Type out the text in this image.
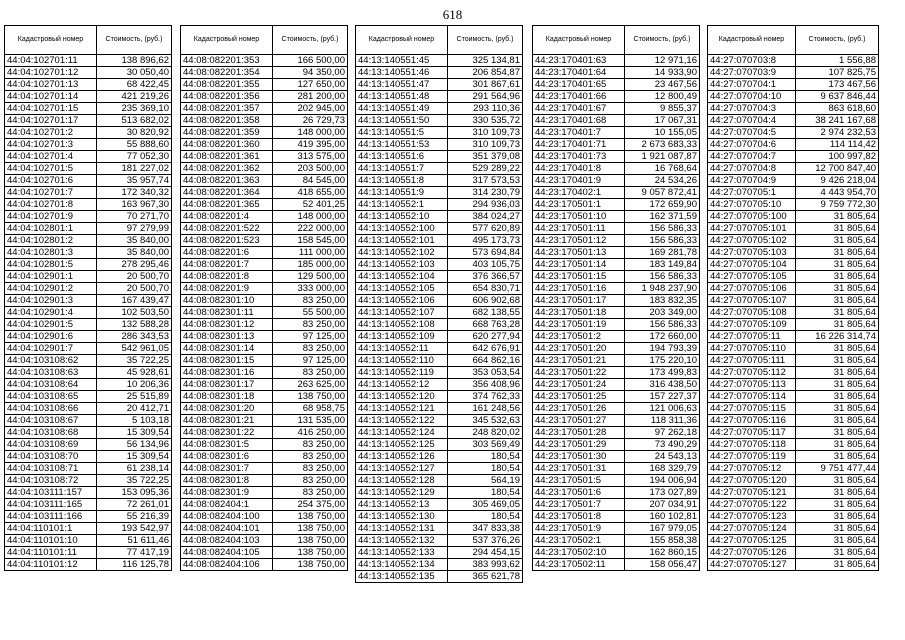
618
Кадастровый номер	Стоимость, (руб.)
44:04:102701:11	138 896,62
44:04:102701:12	30 050,40
44:04:102701:13	68 422,45
44:04:102701:14	421 219,26
44:04:102701:15	235 369,10
44:04:102701:17	513 682,02
44:04:102701:2	30 820,92
44:04:102701:3	55 888,60
44:04:102701:4	77 052,30
44:04:102701:5	181 227,02
44:04:102701:6	35 957,74
44:04:102701:7	172 340,32
44:04:102701:8	163 967,30
44:04:102701:9	70 271,70
44:04:102801:1	97 279,99
44:04:102801:2	35 840,00
44:04:102801:3	35 840,00
44:04:102801:5	278 295,46
44:04:102901:1	20 500,70
44:04:102901:2	20 500,70
44:04:102901:3	167 439,47
44:04:102901:4	102 503,50
44:04:102901:5	132 588,28
44:04:102901:6	286 343,53
44:04:102901:7	542 961,05
44:04:103108:62	35 722,25
44:04:103108:63	45 928,61
44:04:103108:64	10 206,36
44:04:103108:65	25 515,89
44:04:103108:66	20 412,71
44:04:103108:67	5 103,18
44:04:103108:68	15 309,54
44:04:103108:69	56 134,96
44:04:103108:70	15 309,54
44:04:103108:71	61 238,14
44:04:103108:72	35 722,25
44:04:103111:157	153 095,36
44:04:103111:165	72 261,01
44:04:103111:166	55 216,39
44:04:110101:1	193 542,97
44:04:110101:10	51 611,46
44:04:110101:11	77 417,19
44:04:110101:12	116 125,78
Кадастровый номер	Стоимость, (руб.)
44:08:082201:353	166 500,00
44:08:082201:354	94 350,00
44:08:082201:355	127 650,00
44:08:082201:356	281 200,00
44:08:082201:357	202 945,00
44:08:082201:358	26 729,73
44:08:082201:359	148 000,00
44:08:082201:360	419 395,00
44:08:082201:361	313 575,00
44:08:082201:362	203 500,00
44:08:082201:363	84 545,00
44:08:082201:364	418 655,00
44:08:082201:365	52 401,25
44:08:082201:4	148 000,00
44:08:082201:522	222 000,00
44:08:082201:523	158 545,00
44:08:082201:6	111 000,00
44:08:082201:7	185 000,00
44:08:082201:8	129 500,00
44:08:082201:9	333 000,00
44:08:082301:10	83 250,00
44:08:082301:11	55 500,00
44:08:082301:12	83 250,00
44:08:082301:13	97 125,00
44:08:082301:14	83 250,00
44:08:082301:15	97 125,00
44:08:082301:16	83 250,00
44:08:082301:17	263 625,00
44:08:082301:18	138 750,00
44:08:082301:20	68 958,75
44:08:082301:21	131 535,00
44:08:082301:22	416 250,00
44:08:082301:5	83 250,00
44:08:082301:6	83 250,00
44:08:082301:7	83 250,00
44:08:082301:8	83 250,00
44:08:082301:9	83 250,00
44:08:082404:1	254 375,00
44:08:082404:100	138 750,00
44:08:082404:101	138 750,00
44:08:082404:103	138 750,00
44:08:082404:105	138 750,00
44:08:082404:106	138 750,00
Кадастровый номер	Стоимость, (руб.)
44:13:140551:45	325 134,81
44:13:140551:46	206 854,87
44:13:140551:47	301 867,61
44:13:140551:48	291 564,96
44:13:140551:49	293 110,36
44:13:140551:50	330 535,72
44:13:140551:5	310 109,73
44:13:140551:53	310 109,73
44:13:140551:6	351 379,08
44:13:140551:7	529 289,22
44:13:140551:8	317 573,53
44:13:140551:9	314 230,79
44:13:140552:1	294 936,03
44:13:140552:10	384 024,27
44:13:140552:100	577 620,89
44:13:140552:101	495 173,73
44:13:140552:102	573 694,84
44:13:140552:103	403 105,75
44:13:140552:104	376 366,57
44:13:140552:105	654 830,71
44:13:140552:106	606 902,68
44:13:140552:107	682 138,55
44:13:140552:108	668 763,28
44:13:140552:109	620 277,94
44:13:140552:11	642 676,91
44:13:140552:110	664 862,16
44:13:140552:119	353 053,54
44:13:140552:12	356 408,96
44:13:140552:120	374 762,33
44:13:140552:121	161 248,56
44:13:140552:122	345 532,63
44:13:140552:124	248 820,02
44:13:140552:125	303 569,49
44:13:140552:126	180,54
44:13:140552:127	180,54
44:13:140552:128	564,19
44:13:140552:129	180,54
44:13:140552:13	305 469,05
44:13:140552:130	180,54
44:13:140552:131	347 833,38
44:13:140552:132	537 376,26
44:13:140552:133	294 454,15
44:13:140552:134	383 993,62
44:13:140552:135	365 621,78
Кадастровый номер	Стоимость, (руб.)
44:23:170401:63	12 971,16
44:23:170401:64	14 933,90
44:23:170401:65	23 467,56
44:23:170401:66	12 800,49
44:23:170401:67	9 855,37
44:23:170401:68	17 067,31
44:23:170401:7	10 155,05
44:23:170401:71	2 673 683,33
44:23:170401:73	1 921 087,87
44:23:170401:8	16 768,64
44:23:170401:9	24 534,26
44:23:170402:1	9 057 872,41
44:23:170501:1	172 659,90
44:23:170501:10	162 371,59
44:23:170501:11	156 586,33
44:23:170501:12	156 586,33
44:23:170501:13	169 281,78
44:23:170501:14	183 149,84
44:23:170501:15	156 586,33
44:23:170501:16	1 948 237,90
44:23:170501:17	183 832,35
44:23:170501:18	203 349,00
44:23:170501:19	156 586,33
44:23:170501:2	172 660,00
44:23:170501:20	194 793,39
44:23:170501:21	175 220,10
44:23:170501:22	173 499,83
44:23:170501:24	316 438,50
44:23:170501:25	157 227,37
44:23:170501:26	121 006,63
44:23:170501:27	118 311,36
44:23:170501:28	97 262,18
44:23:170501:29	73 490,29
44:23:170501:30	24 543,13
44:23:170501:31	168 329,79
44:23:170501:5	194 006,94
44:23:170501:6	173 027,89
44:23:170501:7	207 034,91
44:23:170501:8	160 102,81
44:23:170501:9	167 979,05
44:23:170502:1	155 858,38
44:23:170502:10	162 860,15
44:23:170502:11	158 056,47
Кадастровый номер	Стоимость, (руб.)
44:27:070703:8	1 556,88
44:27:070703:9	107 825,75
44:27:070704:1	173 467,56
44:27:070704:10	9 637 846,44
44:27:070704:3	863 618,60
44:27:070704:4	38 241 167,68
44:27:070704:5	2 974 232,53
44:27:070704:6	114 114,42
44:27:070704:7	100 997,82
44:27:070704:8	12 700 847,40
44:27:070704:9	9 426 218,04
44:27:070705:1	4 443 954,70
44:27:070705:10	9 759 772,30
44:27:070705:100	31 805,64
44:27:070705:101	31 805,64
44:27:070705:102	31 805,64
44:27:070705:103	31 805,64
44:27:070705:104	31 805,64
44:27:070705:105	31 805,64
44:27:070705:106	31 805,64
44:27:070705:107	31 805,64
44:27:070705:108	31 805,64
44:27:070705:109	31 805,64
44:27:070705:11	16 226 314,74
44:27:070705:110	31 805,64
44:27:070705:111	31 805,64
44:27:070705:112	31 805,64
44:27:070705:113	31 805,64
44:27:070705:114	31 805,64
44:27:070705:115	31 805,64
44:27:070705:116	31 805,64
44:27:070705:117	31 805,64
44:27:070705:118	31 805,64
44:27:070705:119	31 805,64
44:27:070705:12	9 751 477,44
44:27:070705:120	31 805,64
44:27:070705:121	31 805,64
44:27:070705:122	31 805,64
44:27:070705:123	31 805,64
44:27:070705:124	31 805,64
44:27:070705:125	31 805,64
44:27:070705:126	31 805,64
44:27:070705:127	31 805,64
